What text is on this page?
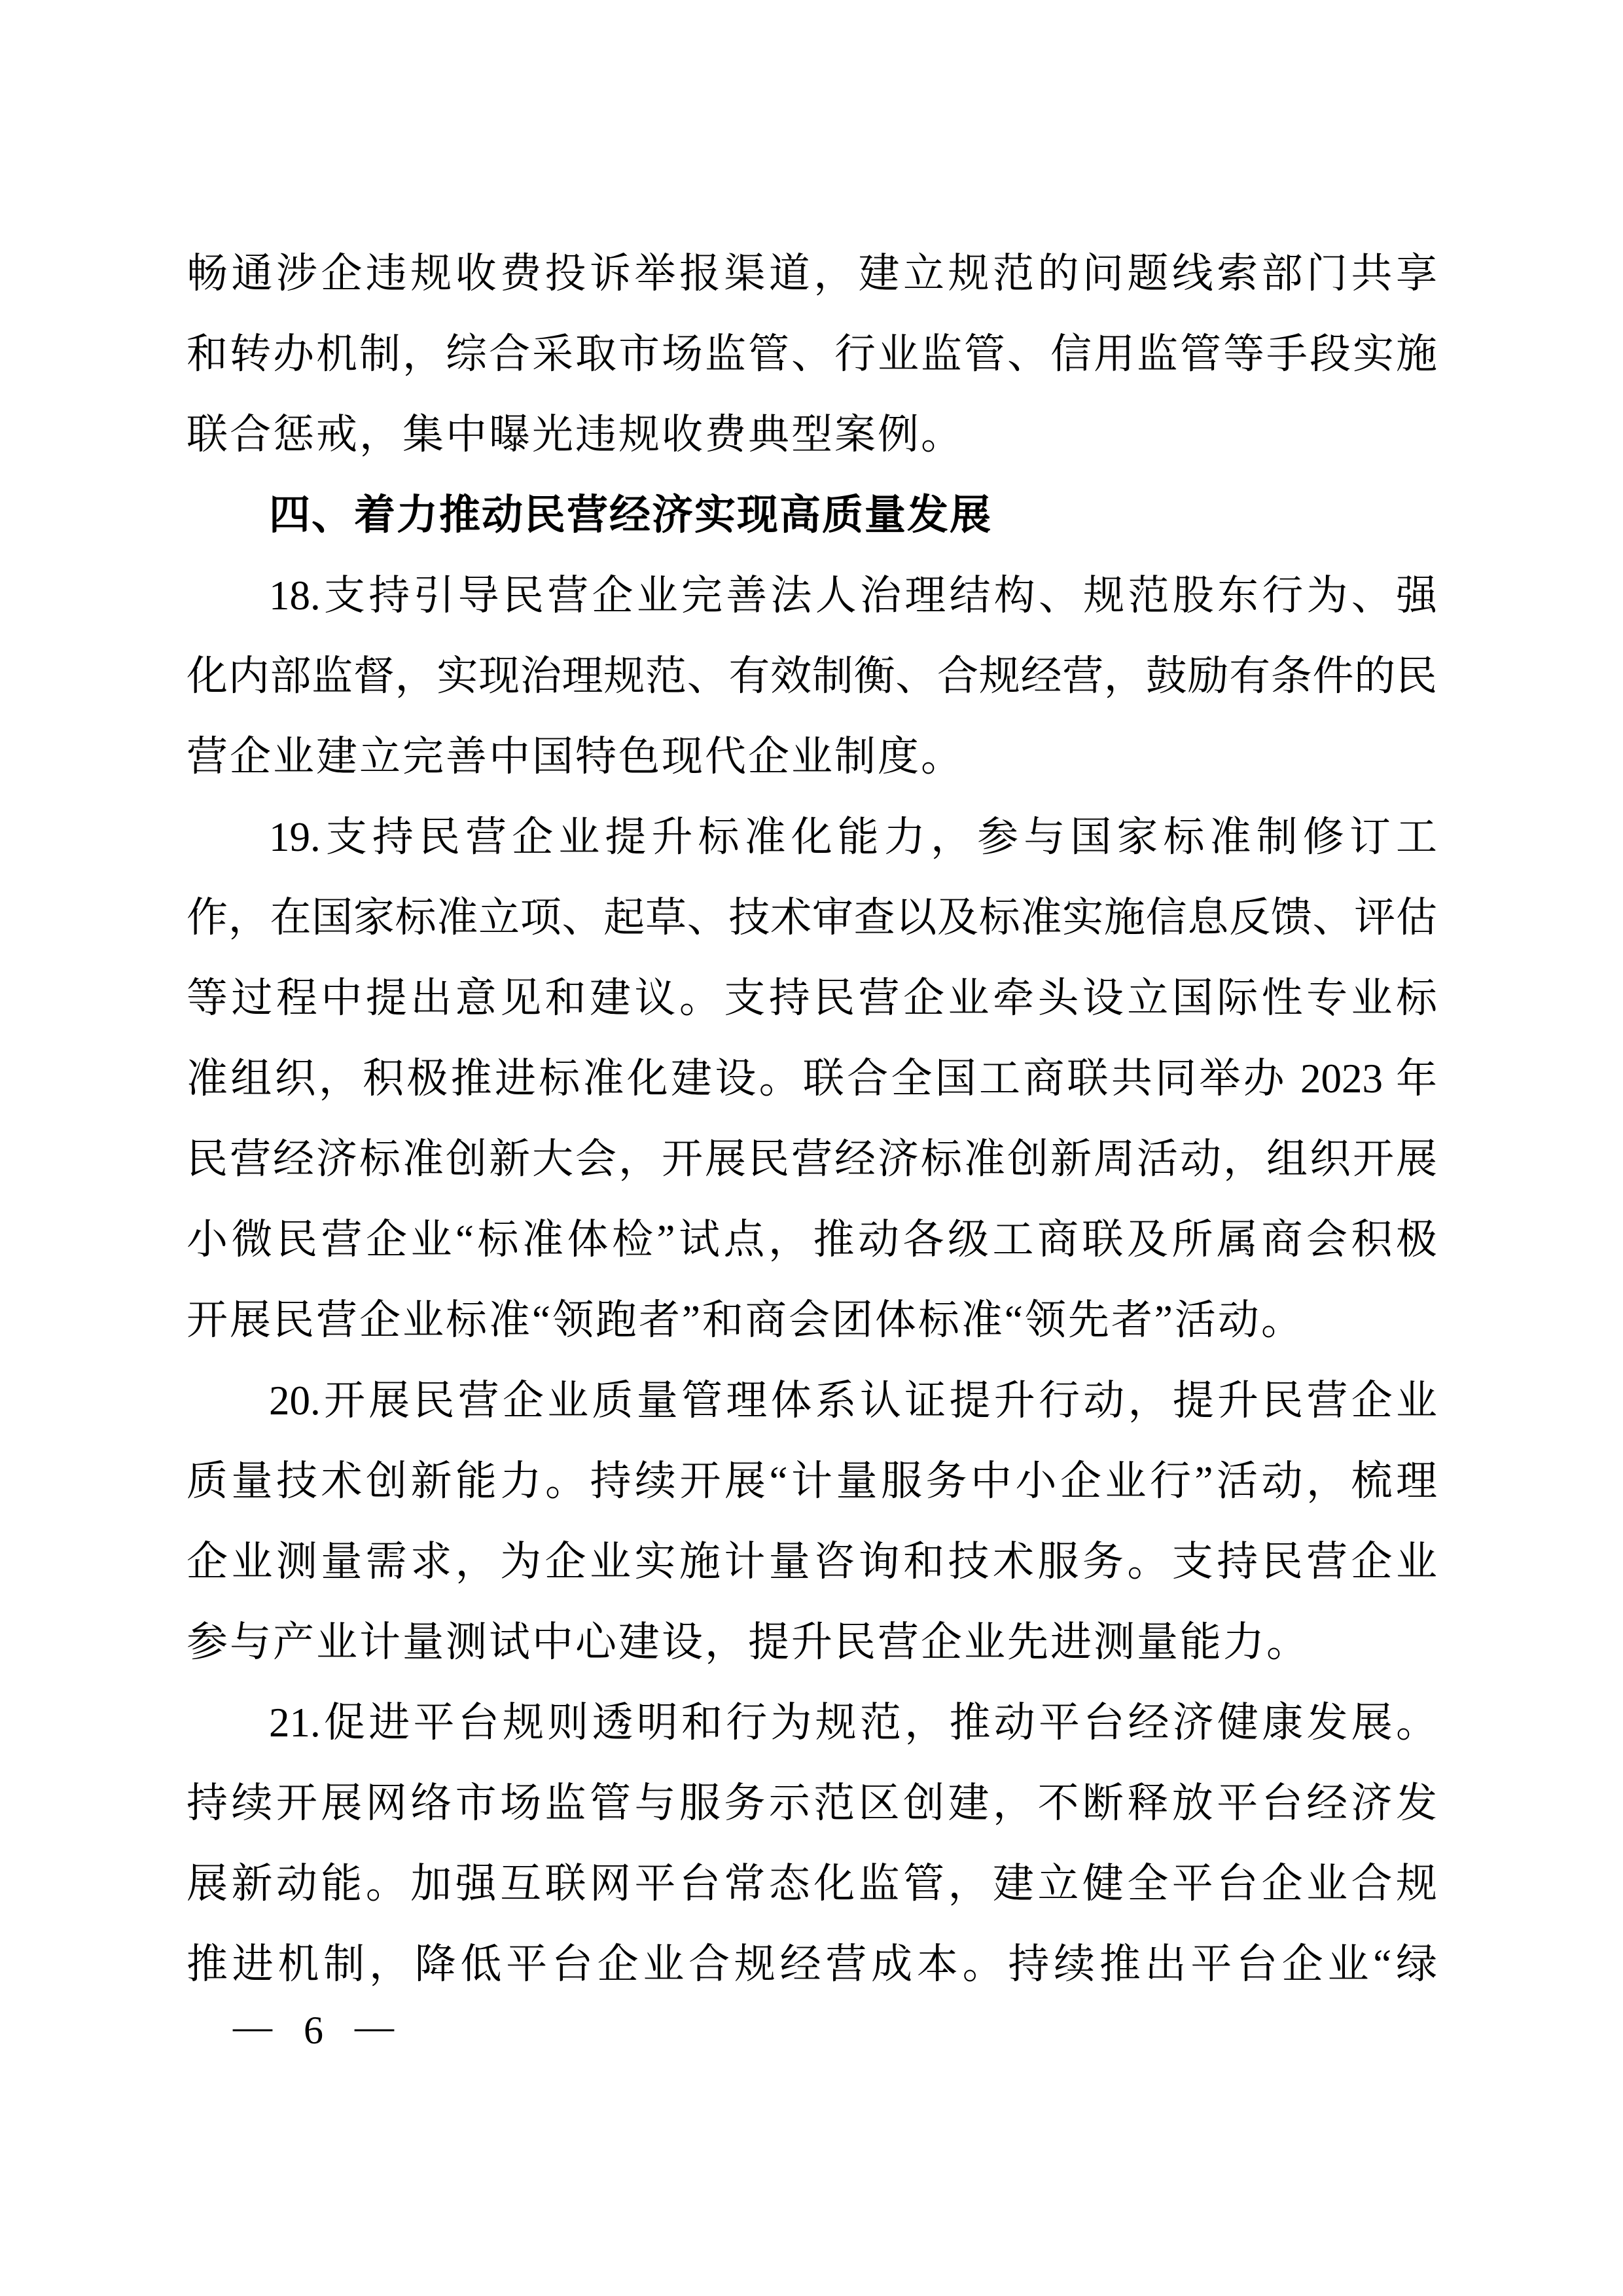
畅通涉企违规收费投诉举报渠道，建立规范的问题线索部门共享
和转办机制，综合采取市场监管、行业监管、信用监管等手段实施
联合惩戒，集中曝光违规收费典型案例。
四、着力推动民营经济实现高质量发展
18.支持引导民营企业完善法人治理结构、规范股东行为、强
化内部监督，实现治理规范、有效制衡、合规经营，鼓励有条件的民
营企业建立完善中国特色现代企业制度。
19.支持民营企业提升标准化能力，参与国家标准制修订工
作，在国家标准立项、起草、技术审查以及标准实施信息反馈、评估
等过程中提出意见和建议。支持民营企业牵头设立国际性专业标
准组织，积极推进标准化建设。联合全国工商联共同举办 2023 年
民营经济标准创新大会，开展民营经济标准创新周活动，组织开展
小微民营企业“标准体检”试点，推动各级工商联及所属商会积极
开展民营企业标准“领跑者”和商会团体标准“领先者”活动。
20.开展民营企业质量管理体系认证提升行动，提升民营企业
质量技术创新能力。持续开展“计量服务中小企业行”活动，梳理
企业测量需求，为企业实施计量咨询和技术服务。支持民营企业
参与产业计量测试中心建设，提升民营企业先进测量能力。
21.促进平台规则透明和行为规范，推动平台经济健康发展。
持续开展网络市场监管与服务示范区创建，不断释放平台经济发
展新动能。加强互联网平台常态化监管，建立健全平台企业合规
推进机制，降低平台企业合规经营成本。持续推出平台企业“绿
— 6 —
